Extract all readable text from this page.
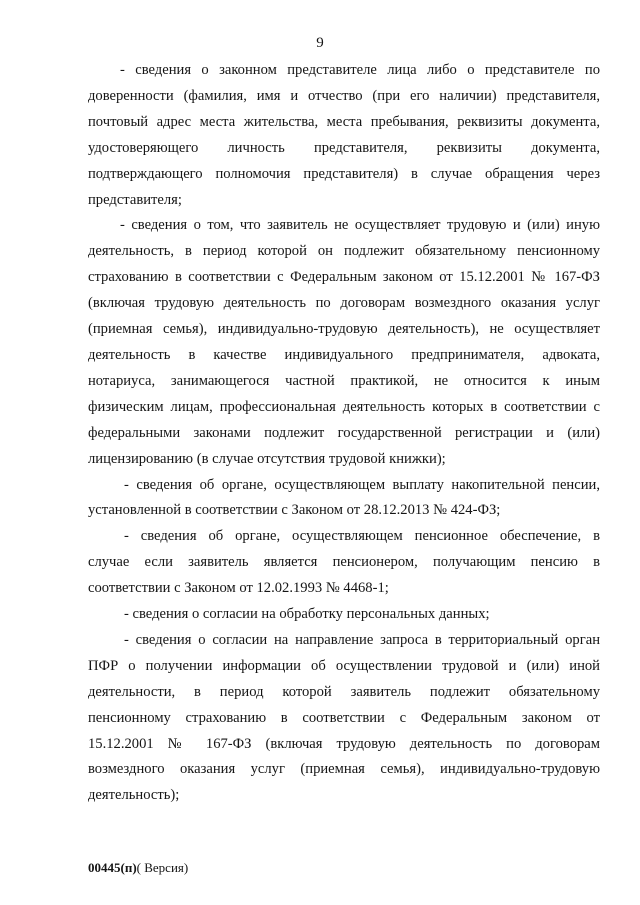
9
- сведения о законном представителе лица либо о представителе по
доверенности (фамилия, имя и отчество (при его наличии) представителя,
почтовый адрес места жительства, места пребывания, реквизиты документа,
удостоверяющего личность представителя, реквизиты документа,
подтверждающего полномочия представителя) в случае обращения через
представителя;
- сведения о том, что заявитель не осуществляет трудовую и (или) иную
деятельность, в период которой он подлежит обязательному пенсионному
страхованию в соответствии с Федеральным законом от 15.12.2001 № 167-ФЗ
(включая трудовую деятельность по договорам возмездного оказания услуг
(приемная семья), индивидуально-трудовую деятельность), не осуществляет
деятельность в качестве индивидуального предпринимателя, адвоката,
нотариуса, занимающегося частной практикой, не относится к иным
физическим лицам, профессиональная деятельность которых в соответствии с
федеральными законами подлежит государственной регистрации и (или)
лицензированию (в случае отсутствия трудовой книжки);
- сведения об органе, осуществляющем выплату накопительной пенсии,
установленной в соответствии с Законом от 28.12.2013 № 424-ФЗ;
- сведения об органе, осуществляющем пенсионное обеспечение, в
случае если заявитель является пенсионером, получающим пенсию в
соответствии с Законом от 12.02.1993 № 4468-1;
- сведения о согласии на обработку персональных данных;
- сведения о согласии на направление запроса в территориальный орган
ПФР о получении информации об осуществлении трудовой и (или) иной
деятельности, в период которой заявитель подлежит обязательному
пенсионному страхованию в соответствии с Федеральным законом от
15.12.2001 № 167-ФЗ (включая трудовую деятельность по договорам
возмездного оказания услуг (приемная семья), индивидуально-трудовую
деятельность);
00445(п)( Версия)
